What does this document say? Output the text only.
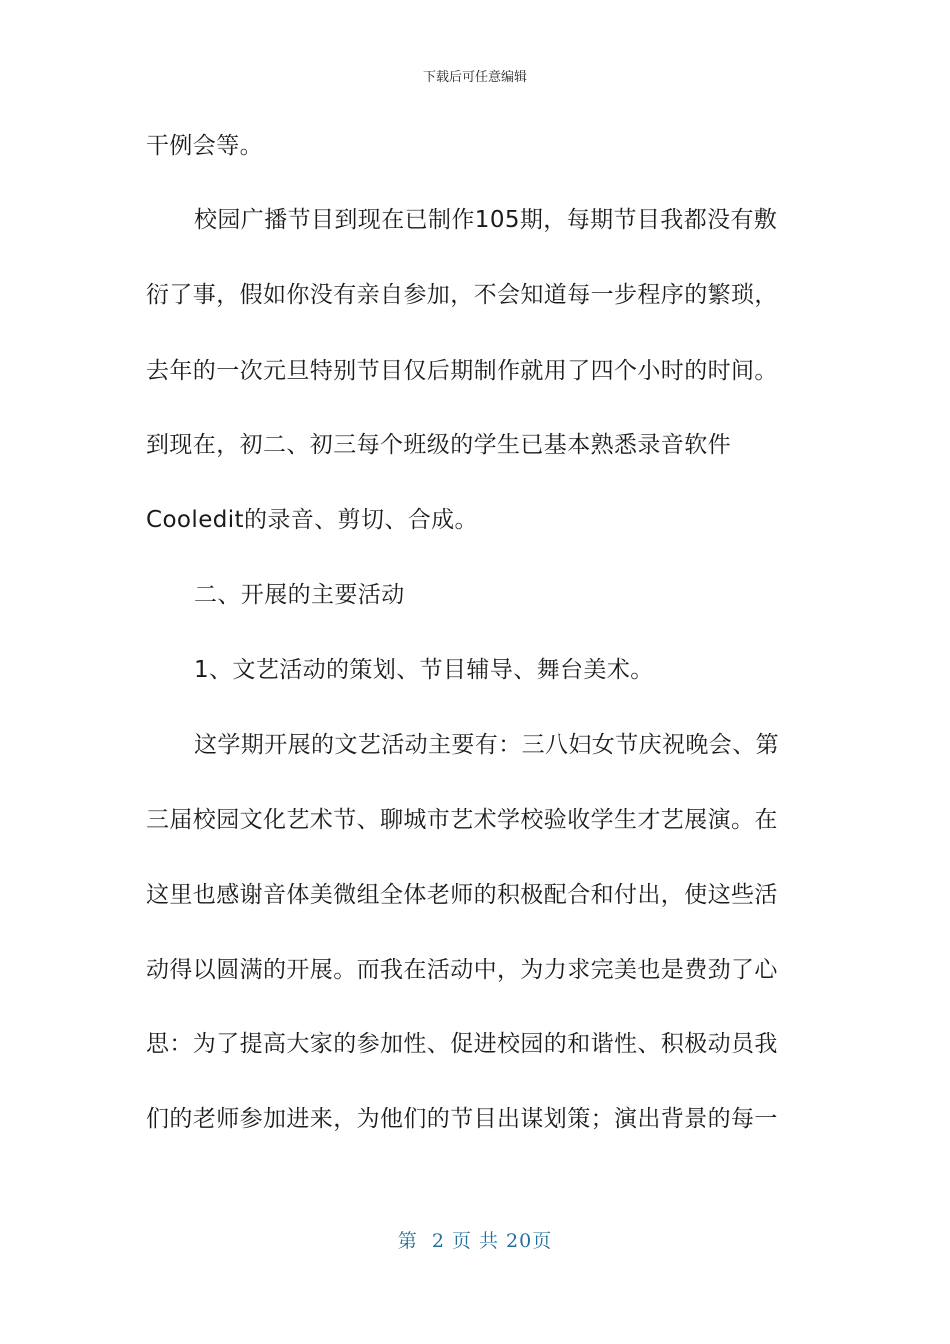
下载后可任意编辑

干例会等。

校园广播节目到现在已制作105期，每期节目我都没有敷

衍了事，假如你没有亲自参加，不会知道每一步程序的繁琐，

去年的一次元旦特别节目仅后期制作就用了四个小时的时间。

到现在，初二、初三每个班级的学生已基本熟悉录音软件

Cooledit的录音、剪切、合成。

二、开展的主要活动

1、文艺活动的策划、节目辅导、舞台美术。

这学期开展的文艺活动主要有：三八妇女节庆祝晚会、第

三届校园文化艺术节、聊城市艺术学校验收学生才艺展演。在

这里也感谢音体美微组全体老师的积极配合和付出，使这些活

动得以圆满的开展。而我在活动中，为力求完美也是费劲了心

思：为了提高大家的参加性、促进校园的和谐性、积极动员我

们的老师参加进来，为他们的节目出谋划策；演出背景的每一

第  2 页 共 20页
